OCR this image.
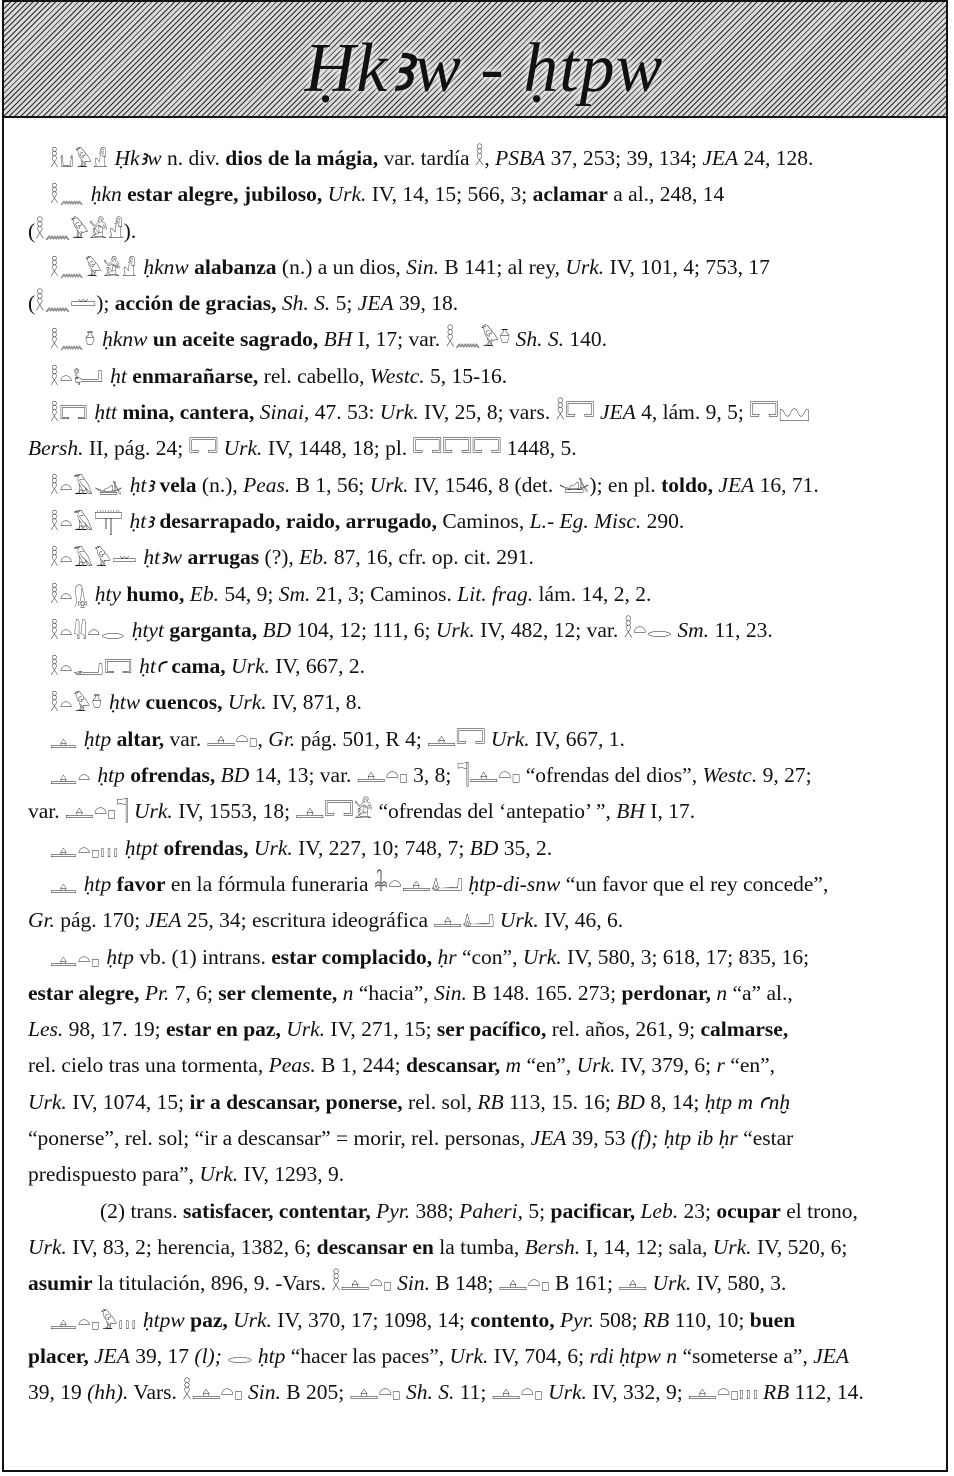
Ḥkꜣw - ḥtpw
𓎛𓂓𓅱𓀭 Ḥkꜣw n. div. dios de la mágia, var. tardía 𓎛, PSBA 37, 253; 39, 134; JEA 24, 128.
𓎛𓈖 ḥkn estar alegre, jubiloso, Urk. IV, 14, 15; 566, 3; aclamar a al., 248, 14
(𓎛𓈖𓅱𓀀𓀭).
𓎛𓈖𓅱𓀀𓀭 ḥknw alabanza (n.) a un dios, Sin. B 141; al rey, Urk. IV, 101, 4; 753, 17
(𓎛𓈖𓏛); acción de gracias, Sh. S. 5; JEA 39, 18.
𓎛𓈖𓏊 ḥknw un aceite sagrado, BH I, 17; var. 𓎛𓈖𓅱𓏊 Sh. S. 140.
𓎛𓏏𓂡 ḥt enmarañarse, rel. cabello, Westc. 5, 15-16.
𓎛𓉐 ḥtt mina, cantera, Sinai, 47. 53: Urk. IV, 25, 8; vars. 𓎛𓉐 JEA 4, lám. 9, 5; 𓉐𓈉
Bersh. II, pág. 24; 𓉐 Urk. IV, 1448, 18; pl. 𓉐𓉐𓉐 1448, 5.
𓎛𓏏𓄿𓊛 ḥtꜣ vela (n.), Peas. B 1, 56; Urk. IV, 1546, 8 (det. 𓊛); en pl. toldo, JEA 16, 71.
𓎛𓏏𓄿𓋳 ḥtꜣ desarrapado, raido, arrugado, Caminos, L.- Eg. Misc. 290.
𓎛𓏏𓄿𓅱𓏛 ḥtꜣw arrugas (?), Eb. 87, 16, cfr. op. cit. 291.
𓎛𓏏𓊮 ḥty humo, Eb. 54, 9; Sm. 21, 3; Caminos. Lit. frag. lám. 14, 2, 2.
𓎛𓏏𓇌𓏏𓂋 ḥtyt garganta, BD 104, 12; 111, 6; Urk. IV, 482, 12; var. 𓎛𓏏𓂋 Sm. 11, 23.
𓎛𓏏𓂝𓉐 ḥtꜥ cama, Urk. IV, 667, 2.
𓎛𓏏𓅱𓏊 ḥtw cuencos, Urk. IV, 871, 8.
𓊵 ḥtp altar, var. 𓊵𓏏𓊪, Gr. pág. 501, R 4; 𓊵𓉐 Urk. IV, 667, 1.
𓊵𓏏 ḥtp ofrendas, BD 14, 13; var. 𓊵𓏏𓊪 3, 8; 𓊹𓊵𓏏𓊪 “ofrendas del dios”, Westc. 9, 27;
var. 𓊵𓏏𓊪𓊹 Urk. IV, 1553, 18; 𓊵𓉐𓀀 “ofrendas del ‘antepatio’ ”, BH I, 17.
𓊵𓏏𓊪𓏥 ḥtpt ofrendas, Urk. IV, 227, 10; 748, 7; BD 35, 2.
𓊵 ḥtp favor en la fórmula funeraria 𓇓𓏏𓊵𓂞 ḥtp-di-snw “un favor que el rey concede”,
Gr. pág. 170; JEA 25, 34; escritura ideográfica 𓊵𓂞 Urk. IV, 46, 6.
𓊵𓏏𓊪 ḥtp vb. (1) intrans. estar complacido, ḥr “con”, Urk. IV, 580, 3; 618, 17; 835, 16;
estar alegre, Pr. 7, 6; ser clemente, n “hacia”, Sin. B 148. 165. 273; perdonar, n “a” al.,
Les. 98, 17. 19; estar en paz, Urk. IV, 271, 15; ser pacífico, rel. años, 261, 9; calmarse,
rel. cielo tras una tormenta, Peas. B 1, 244; descansar, m “en”, Urk. IV, 379, 6; r “en”,
Urk. IV, 1074, 15; ir a descansar, ponerse, rel. sol, RB 113, 15. 16; BD 8, 14; ḥtp m ꜥnḫ
“ponerse”, rel. sol; “ir a descansar” = morir, rel. personas, JEA 39, 53 (f); ḥtp ib ḥr “estar
predispuesto para”, Urk. IV, 1293, 9.
(2) trans. satisfacer, contentar, Pyr. 388; Paheri, 5; pacificar, Leb. 23; ocupar el trono,
Urk. IV, 83, 2; herencia, 1382, 6; descansar en la tumba, Bersh. I, 14, 12; sala, Urk. IV, 520, 6;
asumir la titulación, 896, 9. -Vars. 𓎛𓊵𓏏𓊪 Sin. B 148; 𓊵𓏏𓊪 B 161; 𓊵 Urk. IV, 580, 3.
𓊵𓏏𓊪𓅱𓏥 ḥtpw paz, Urk. IV, 370, 17; 1098, 14; contento, Pyr. 508; RB 110, 10; buen
placer, JEA 39, 17 (l); 𓂋 ḥtp “hacer las paces”, Urk. IV, 704, 6; rdi ḥtpw n “someterse a”, JEA
39, 19 (hh). Vars. 𓎛𓊵𓏏𓊪 Sin. B 205; 𓊵𓏏𓊪 Sh. S. 11; 𓊵𓏏𓊪 Urk. IV, 332, 9; 𓊵𓏏𓊪𓏥 RB 112, 14.
